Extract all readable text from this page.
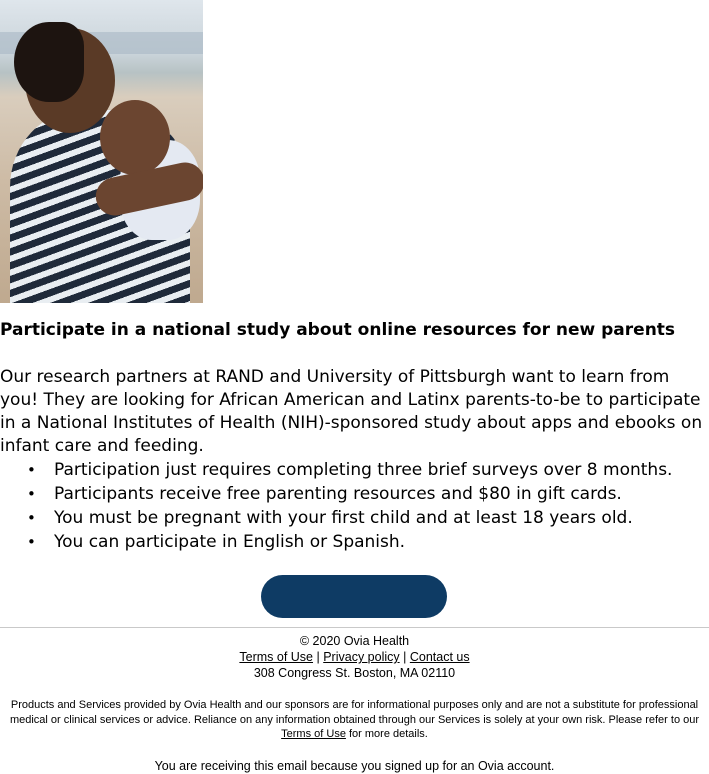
Participate in a national study about online resources for new parents

Our research partners at RAND and University of Pittsburgh want to learn from you! They are looking for African American and Latinx parents-to-be to participate in a National Institutes of Health (NIH)-sponsored study about apps and ebooks on infant care and feeding.

• Participation just requires completing three brief surveys over 8 months.
• Participants receive free parenting resources and $80 in gift cards.
• You must be pregnant with your first child and at least 18 years old.
• You can participate in English or Spanish.
© 2020 Ovia Health
Terms of Use | Privacy policy | Contact us
308 Congress St. Boston, MA 02110
Products and Services provided by Ovia Health and our sponsors are for informational purposes only and are not a substitute for professional medical or clinical services or advice. Reliance on any information obtained through our Services is solely at your own risk. Please refer to our Terms of Use for more details.
You are receiving this email because you signed up for an Ovia account.
